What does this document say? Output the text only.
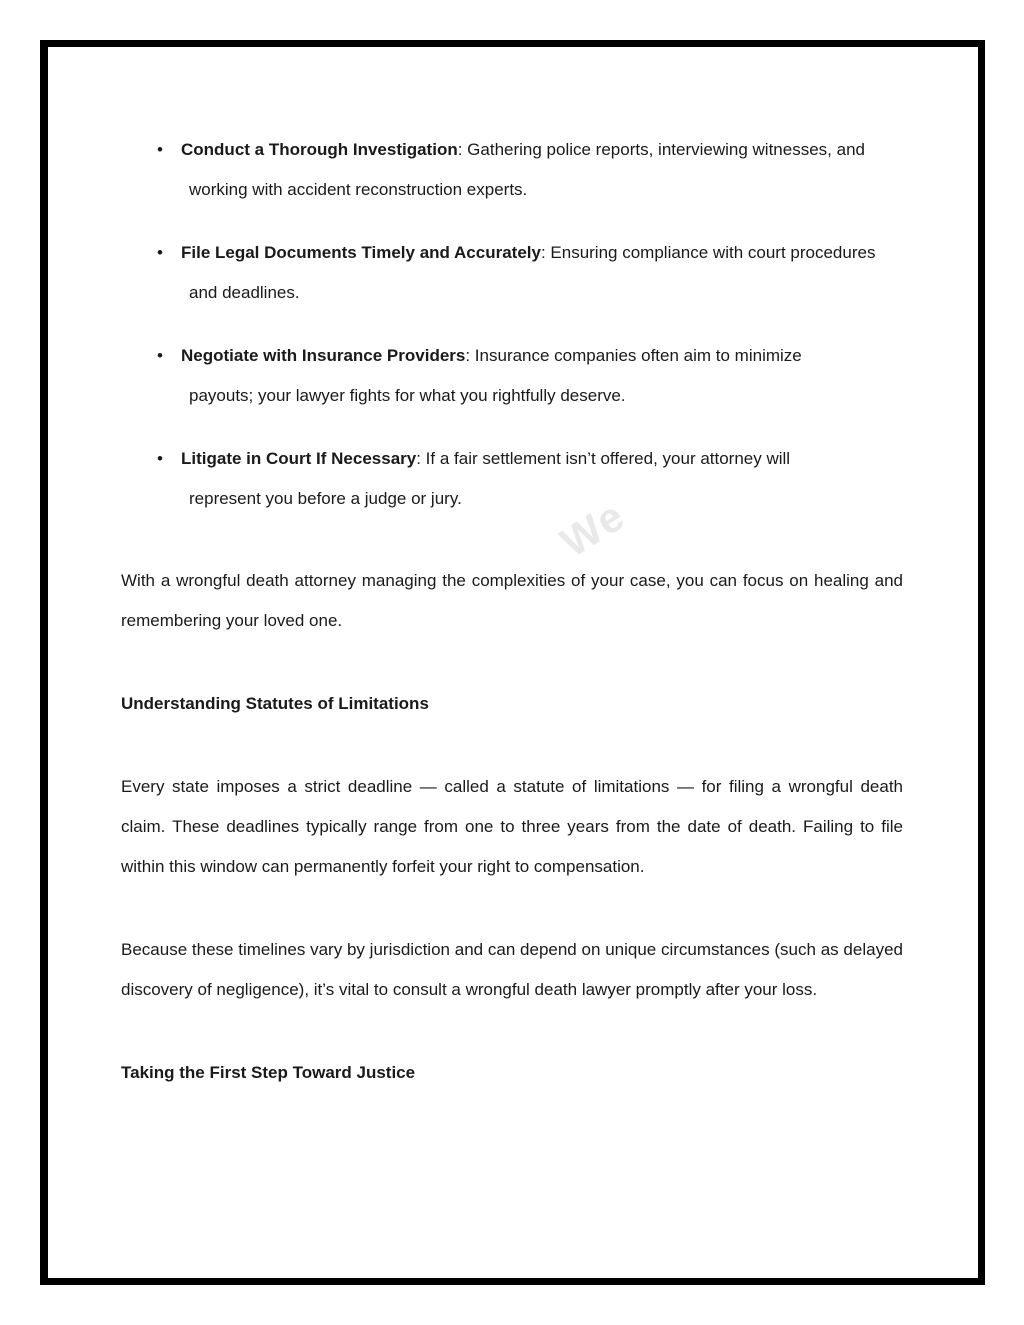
We
• Conduct a Thorough Investigation: Gathering police reports, interviewing witnesses, and
working with accident reconstruction experts.
• File Legal Documents Timely and Accurately: Ensuring compliance with court procedures
and deadlines.
• Negotiate with Insurance Providers: Insurance companies often aim to minimize
payouts; your lawyer fights for what you rightfully deserve.
• Litigate in Court If Necessary: If a fair settlement isn’t offered, your attorney will
represent you before a judge or jury.

With a wrongful death attorney managing the complexities of your case, you can focus on healing and remembering your loved one.

Understanding Statutes of Limitations

Every state imposes a strict deadline — called a statute of limitations — for filing a wrongful death claim. These deadlines typically range from one to three years from the date of death. Failing to file within this window can permanently forfeit your right to compensation.

Because these timelines vary by jurisdiction and can depend on unique circumstances (such as delayed discovery of negligence), it’s vital to consult a wrongful death lawyer promptly after your loss.

Taking the First Step Toward Justice
